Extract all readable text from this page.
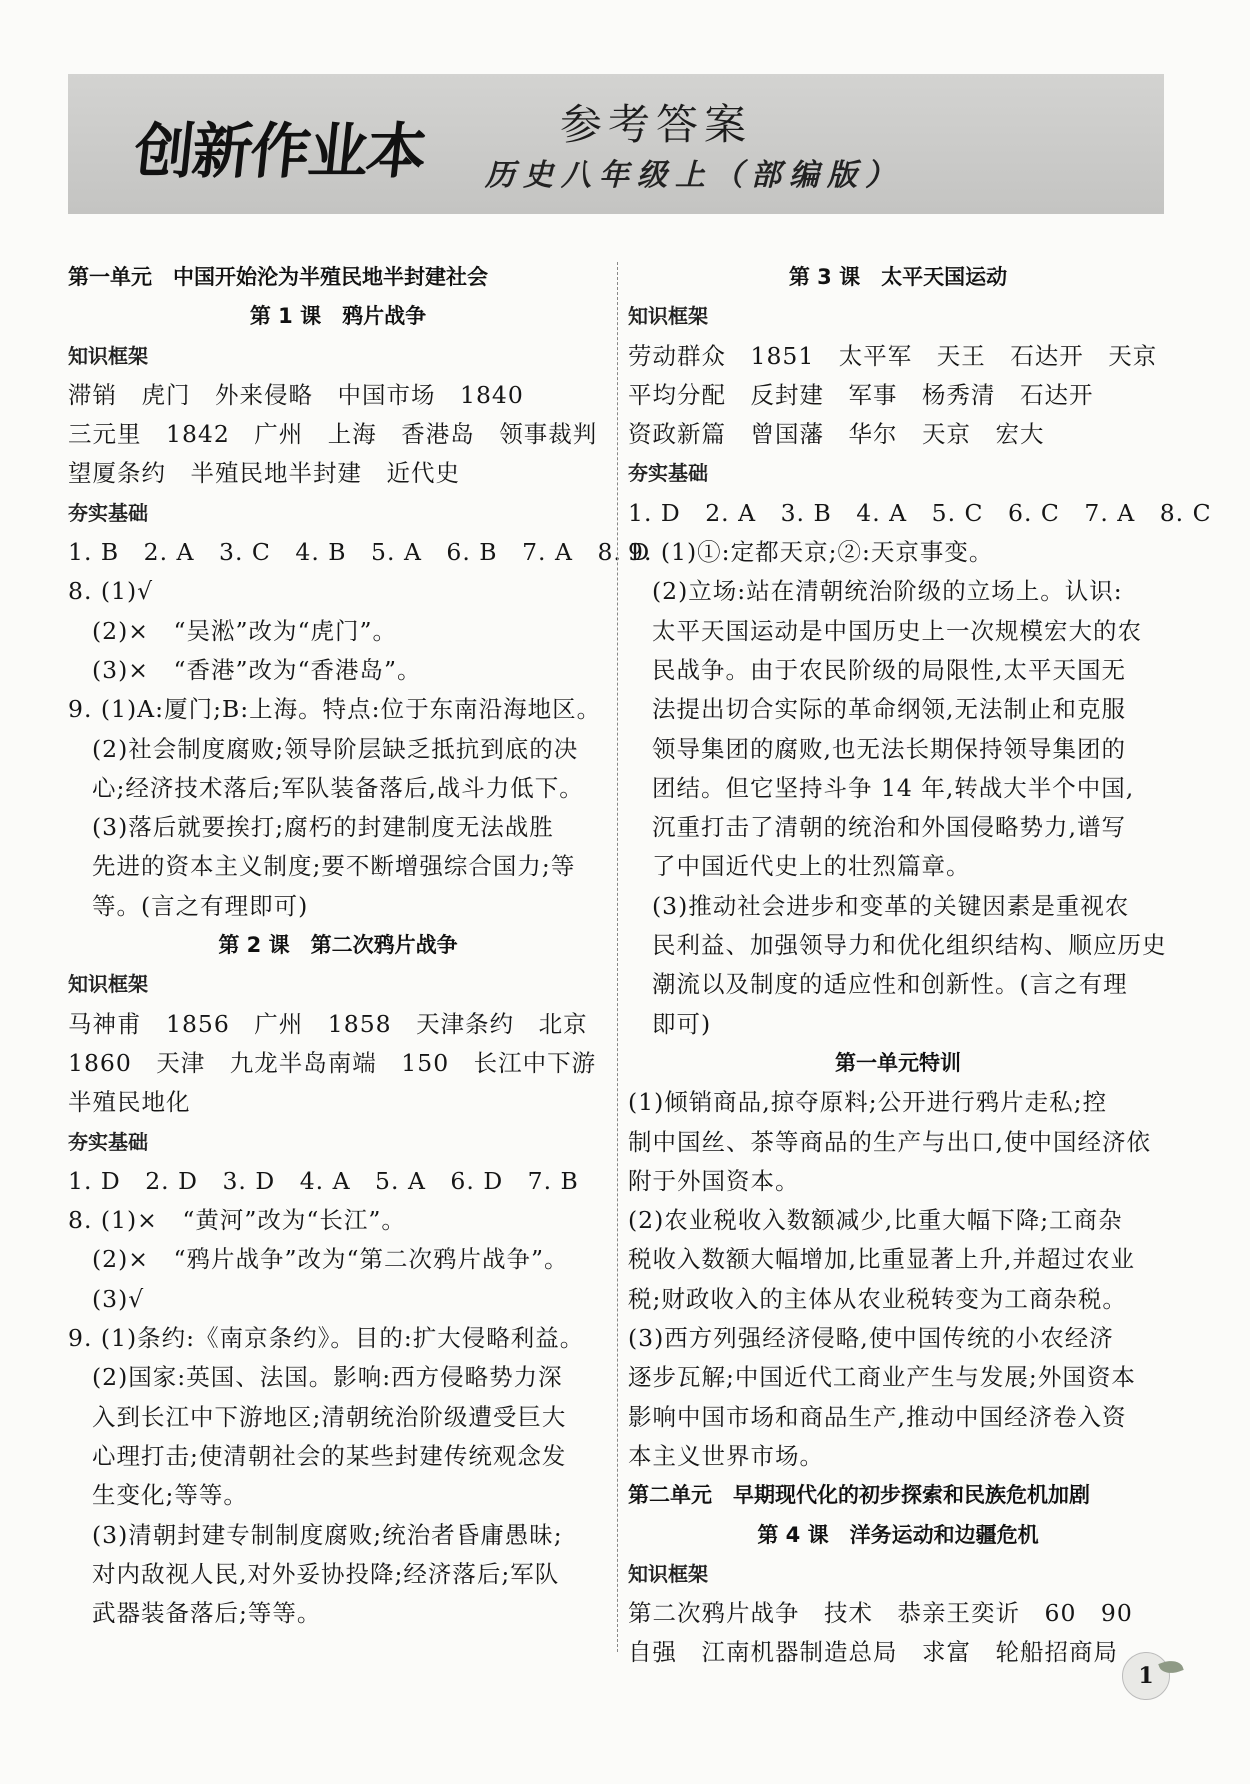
创新作业本	参考答案
历史八年级上（部编版）
第一单元　中国开始沦为半殖民地半封建社会
第 1 课　鸦片战争
知识框架
滞销　虎门　外来侵略　中国市场　1840
三元里　1842　广州　上海　香港岛　领事裁判
望厦条约　半殖民地半封建　近代史
夯实基础
1. B　2. A　3. C　4. B　5. A　6. B　7. A　8. D
8. (1)√
(2)×　“吴淞”改为“虎门”。
(3)×　“香港”改为“香港岛”。
9. (1)A:厦门;B:上海。特点:位于东南沿海地区。
(2)社会制度腐败;领导阶层缺乏抵抗到底的决
心;经济技术落后;军队装备落后,战斗力低下。
(3)落后就要挨打;腐朽的封建制度无法战胜
先进的资本主义制度;要不断增强综合国力;等
等。(言之有理即可)
第 2 课　第二次鸦片战争
知识框架
马神甫　1856　广州　1858　天津条约　北京
1860　天津　九龙半岛南端　150　长江中下游
半殖民地化
夯实基础
1. D　2. D　3. D　4. A　5. A　6. D　7. B
8. (1)×　“黄河”改为“长江”。
(2)×　“鸦片战争”改为“第二次鸦片战争”。
(3)√
9. (1)条约:《南京条约》。目的:扩大侵略利益。
(2)国家:英国、法国。影响:西方侵略势力深
入到长江中下游地区;清朝统治阶级遭受巨大
心理打击;使清朝社会的某些封建传统观念发
生变化;等等。
(3)清朝封建专制制度腐败;统治者昏庸愚昧;
对内敌视人民,对外妥协投降;经济落后;军队
武器装备落后;等等。
第 3 课　太平天国运动
知识框架
劳动群众　1851　太平军　天王　石达开　天京
平均分配　反封建　军事　杨秀清　石达开
资政新篇　曾国藩　华尔　天京　宏大
夯实基础
1. D　2. A　3. B　4. A　5. C　6. C　7. A　8. C
9. (1)①:定都天京;②:天京事变。
(2)立场:站在清朝统治阶级的立场上。认识:
太平天国运动是中国历史上一次规模宏大的农
民战争。由于农民阶级的局限性,太平天国无
法提出切合实际的革命纲领,无法制止和克服
领导集团的腐败,也无法长期保持领导集团的
团结。但它坚持斗争 14 年,转战大半个中国,
沉重打击了清朝的统治和外国侵略势力,谱写
了中国近代史上的壮烈篇章。
(3)推动社会进步和变革的关键因素是重视农
民利益、加强领导力和优化组织结构、顺应历史
潮流以及制度的适应性和创新性。(言之有理
即可)
第一单元特训
(1)倾销商品,掠夺原料;公开进行鸦片走私;控
制中国丝、茶等商品的生产与出口,使中国经济依
附于外国资本。
(2)农业税收入数额减少,比重大幅下降;工商杂
税收入数额大幅增加,比重显著上升,并超过农业
税;财政收入的主体从农业税转变为工商杂税。
(3)西方列强经济侵略,使中国传统的小农经济
逐步瓦解;中国近代工商业产生与发展;外国资本
影响中国市场和商品生产,推动中国经济卷入资
本主义世界市场。
第二单元　早期现代化的初步探索和民族危机加剧
第 4 课　洋务运动和边疆危机
知识框架
第二次鸦片战争　技术　恭亲王奕䜣　60　90
自强　江南机器制造总局　求富　轮船招商局
1
